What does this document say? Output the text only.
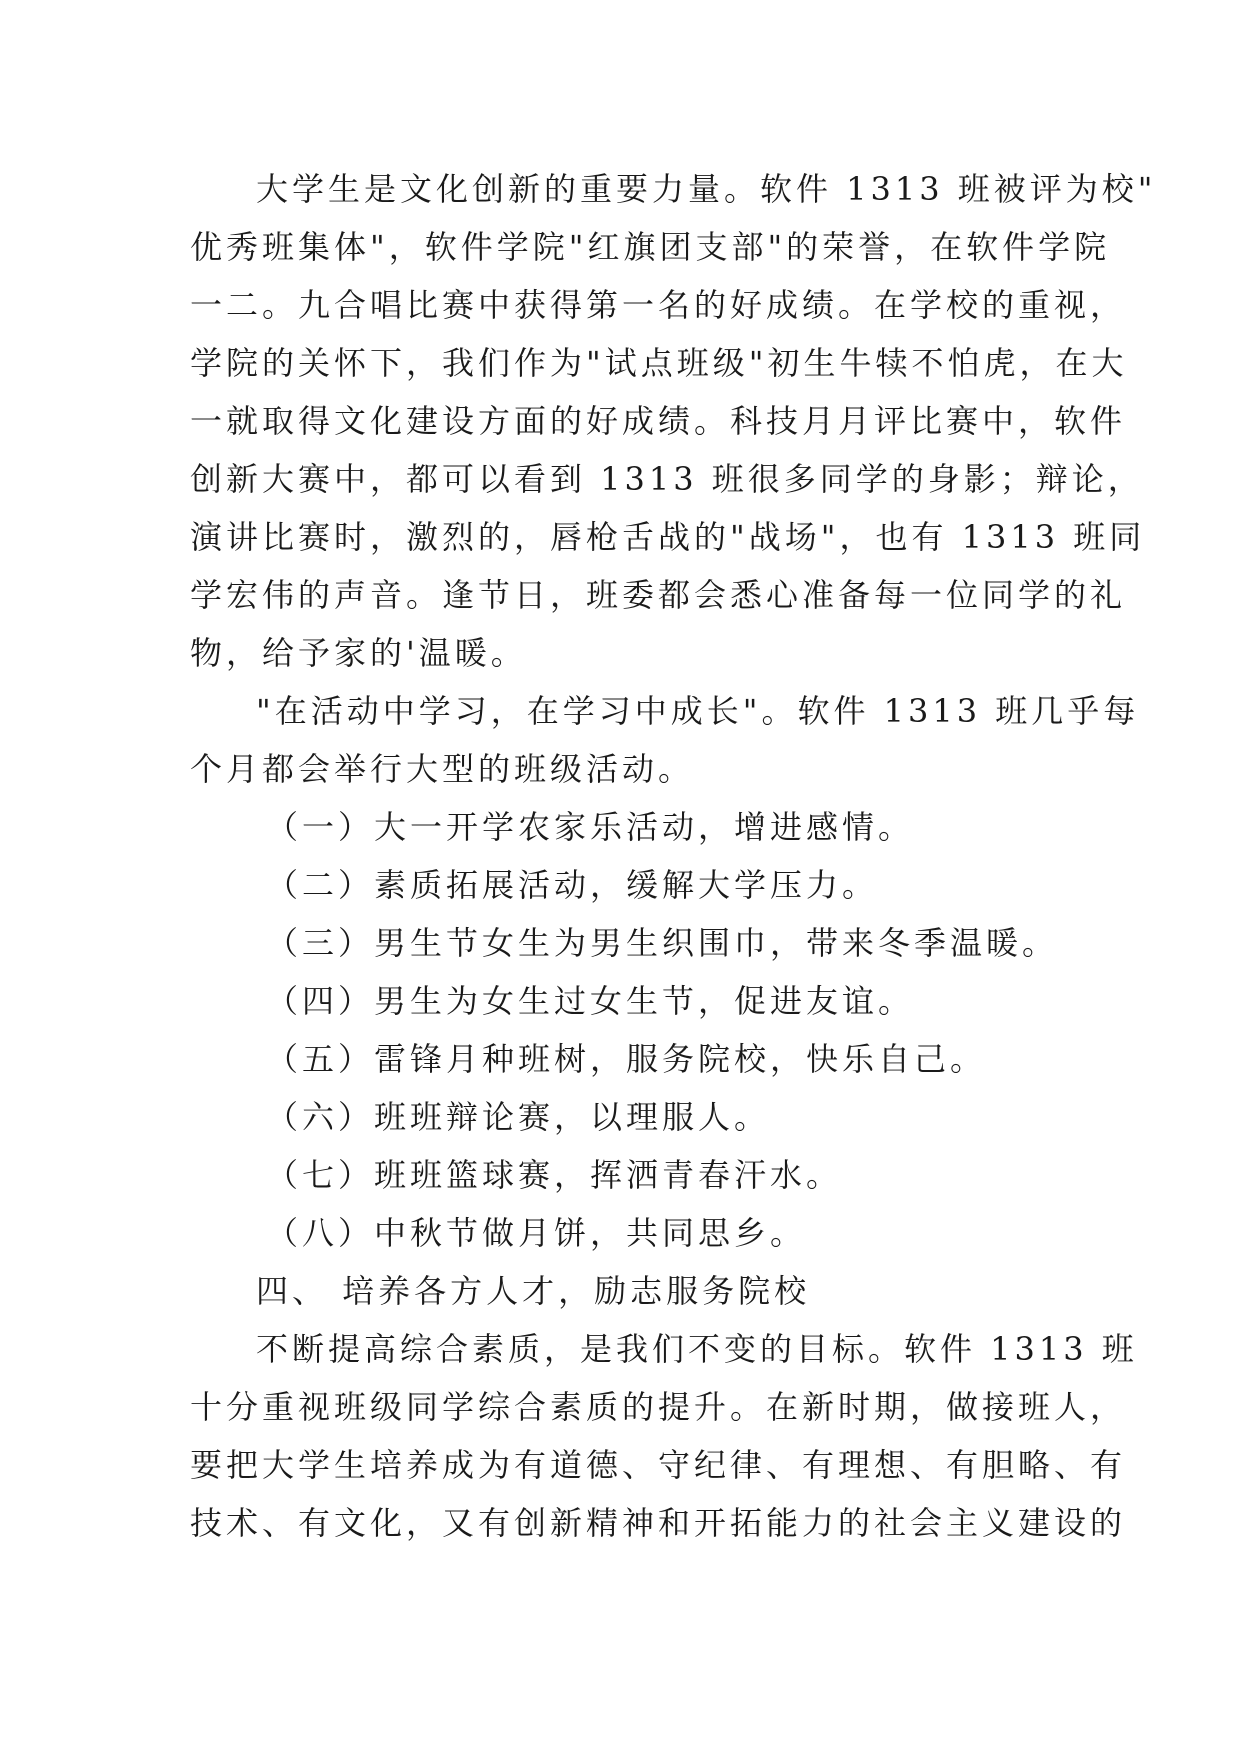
大学生是文化创新的重要力量。软件 1313 班被评为校"
优秀班集体"，软件学院"红旗团支部"的荣誉，在软件学院
一二。九合唱比赛中获得第一名的好成绩。在学校的重视，
学院的关怀下，我们作为"试点班级"初生牛犊不怕虎，在大
一就取得文化建设方面的好成绩。科技月月评比赛中，软件
创新大赛中，都可以看到 1313 班很多同学的身影；辩论，
演讲比赛时，激烈的，唇枪舌战的"战场"，也有 1313 班同
学宏伟的声音。逢节日，班委都会悉心准备每一位同学的礼
物，给予家的'温暖。
"在活动中学习，在学习中成长"。软件 1313 班几乎每
个月都会举行大型的班级活动。
（一）大一开学农家乐活动，增进感情。
（二）素质拓展活动，缓解大学压力。
（三）男生节女生为男生织围巾，带来冬季温暖。
（四）男生为女生过女生节，促进友谊。
（五）雷锋月种班树，服务院校，快乐自己。
（六）班班辩论赛，以理服人。
（七）班班篮球赛，挥洒青春汗水。
（八）中秋节做月饼，共同思乡。
四、 培养各方人才，励志服务院校
不断提高综合素质，是我们不变的目标。软件 1313 班
十分重视班级同学综合素质的提升。在新时期，做接班人，
要把大学生培养成为有道德、守纪律、有理想、有胆略、有
技术、有文化，又有创新精神和开拓能力的社会主义建设的
